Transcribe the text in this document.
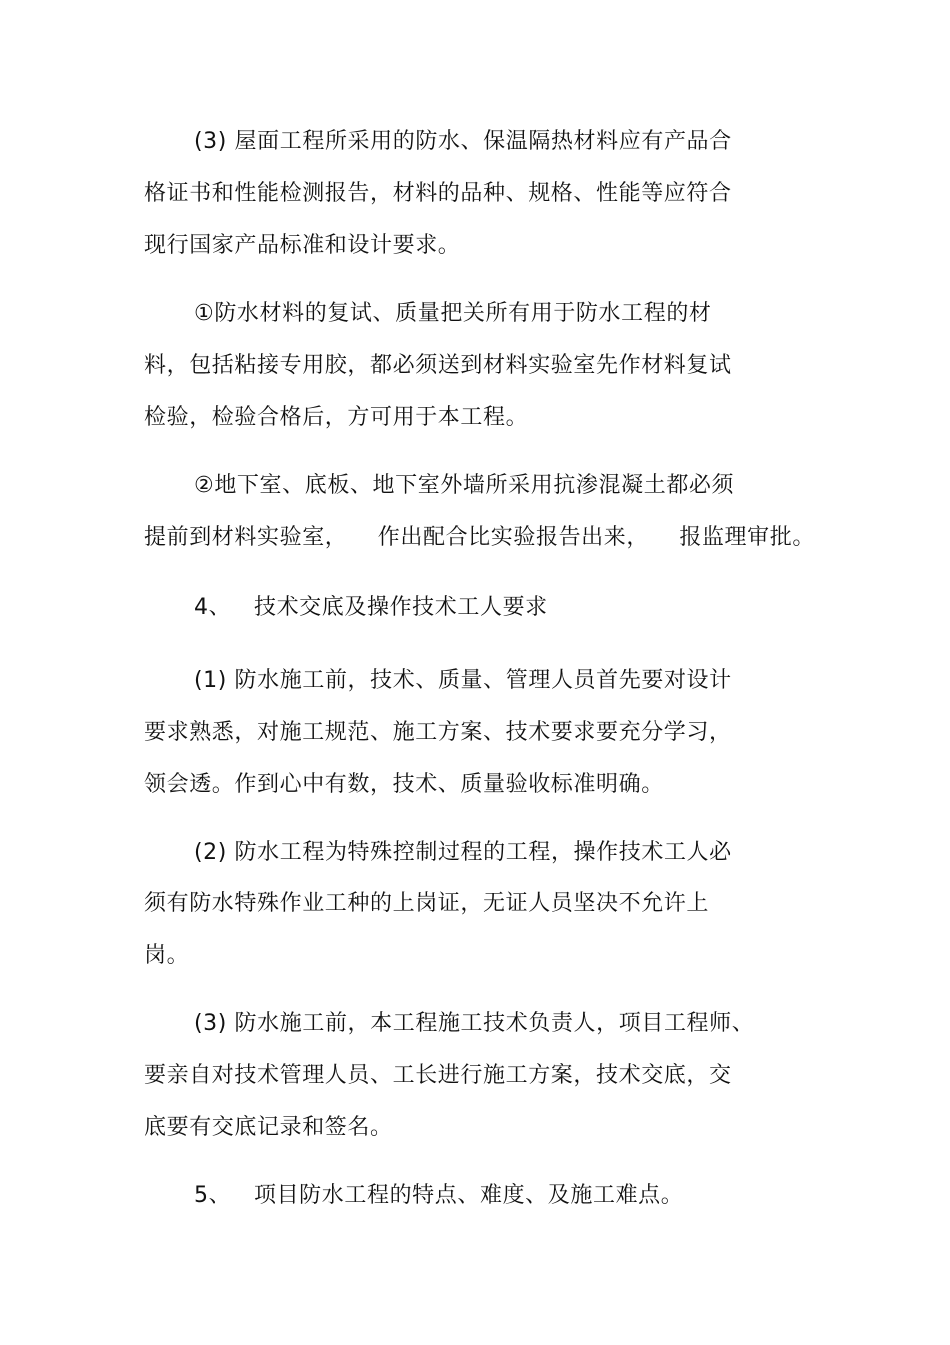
(3) 屋面工程所采用的防水、保温隔热材料应有产品合
格证书和性能检测报告，材料的品种、规格、性能等应符合
现行国家产品标准和设计要求。
①防水材料的复试、质量把关所有用于防水工程的材
料，包括粘接专用胶，都必须送到材料实验室先作材料复试
检验，检验合格后，方可用于本工程。
②地下室、底板、地下室外墙所采用抗渗混凝土都必须
提前到材料实验室，    作出配合比实验报告出来，    报监理审批。
4、   技术交底及操作技术工人要求
(1) 防水施工前，技术、质量、管理人员首先要对设计
要求熟悉，对施工规范、施工方案、技术要求要充分学习，
领会透。作到心中有数，技术、质量验收标准明确。
(2) 防水工程为特殊控制过程的工程，操作技术工人必
须有防水特殊作业工种的上岗证，无证人员坚决不允许上
岗。
(3) 防水施工前，本工程施工技术负责人，项目工程师、
要亲自对技术管理人员、工长进行施工方案，技术交底，交
底要有交底记录和签名。
5、   项目防水工程的特点、难度、及施工难点。
